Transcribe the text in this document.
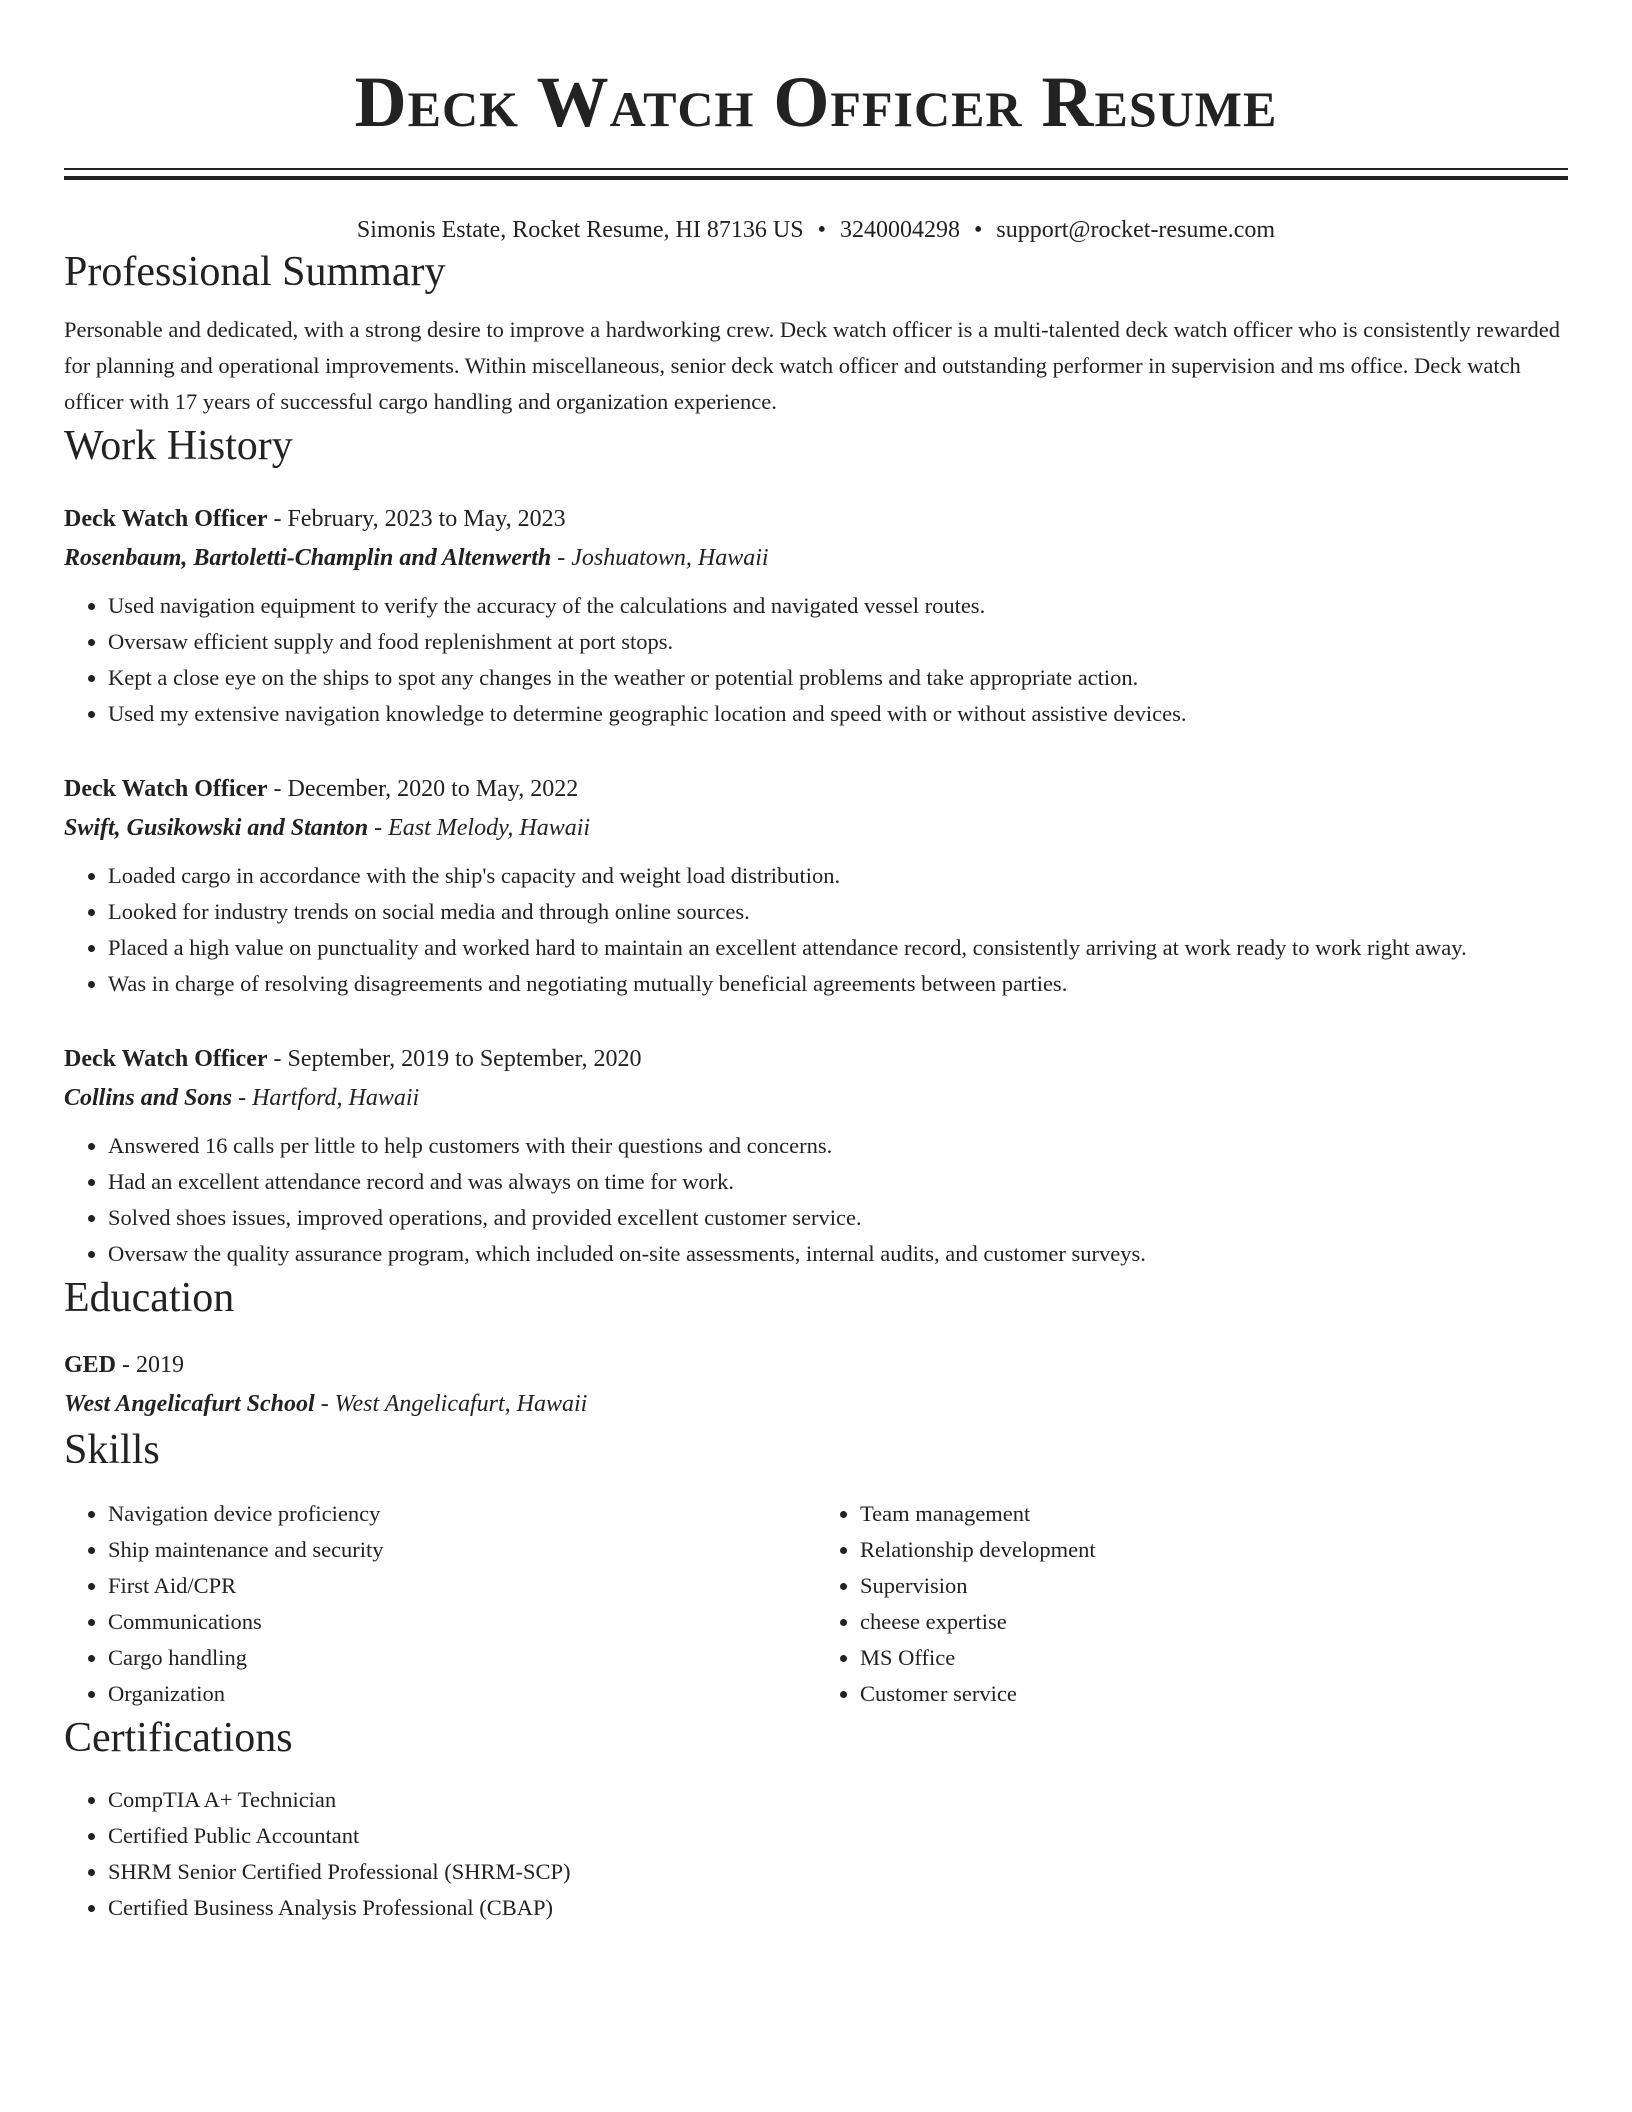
Deck Watch Officer Resume
Simonis Estate, Rocket Resume, HI 87136 US • 3240004298 • support@rocket-resume.com
Professional Summary

Personable and dedicated, with a strong desire to improve a hardworking crew. Deck watch officer is a multi-talented deck watch officer who is consistently rewarded for planning and operational improvements. Within miscellaneous, senior deck watch officer and outstanding performer in supervision and ms office. Deck watch officer with 17 years of successful cargo handling and organization experience.

Work History
Deck Watch Officer - February, 2023 to May, 2023
Rosenbaum, Bartoletti-Champlin and Altenwerth - Joshuatown, Hawaii
• Used navigation equipment to verify the accuracy of the calculations and navigated vessel routes.
• Oversaw efficient supply and food replenishment at port stops.
• Kept a close eye on the ships to spot any changes in the weather or potential problems and take appropriate action.
• Used my extensive navigation knowledge to determine geographic location and speed with or without assistive devices.
Deck Watch Officer - December, 2020 to May, 2022
Swift, Gusikowski and Stanton - East Melody, Hawaii
• Loaded cargo in accordance with the ship's capacity and weight load distribution.
• Looked for industry trends on social media and through online sources.
• Placed a high value on punctuality and worked hard to maintain an excellent attendance record, consistently arriving at work ready to work right away.
• Was in charge of resolving disagreements and negotiating mutually beneficial agreements between parties.
Deck Watch Officer - September, 2019 to September, 2020
Collins and Sons - Hartford, Hawaii
• Answered 16 calls per little to help customers with their questions and concerns.
• Had an excellent attendance record and was always on time for work.
• Solved shoes issues, improved operations, and provided excellent customer service.
• Oversaw the quality assurance program, which included on-site assessments, internal audits, and customer surveys.
Education
GED - 2019
West Angelicafurt School - West Angelicafurt, Hawaii
Skills
• Navigation device proficiency
• Ship maintenance and security
• First Aid/CPR
• Communications
• Cargo handling
• Organization
• Team management
• Relationship development
• Supervision
• cheese expertise
• MS Office
• Customer service
Certifications
• CompTIA A+ Technician
• Certified Public Accountant
• SHRM Senior Certified Professional (SHRM-SCP)
• Certified Business Analysis Professional (CBAP)
